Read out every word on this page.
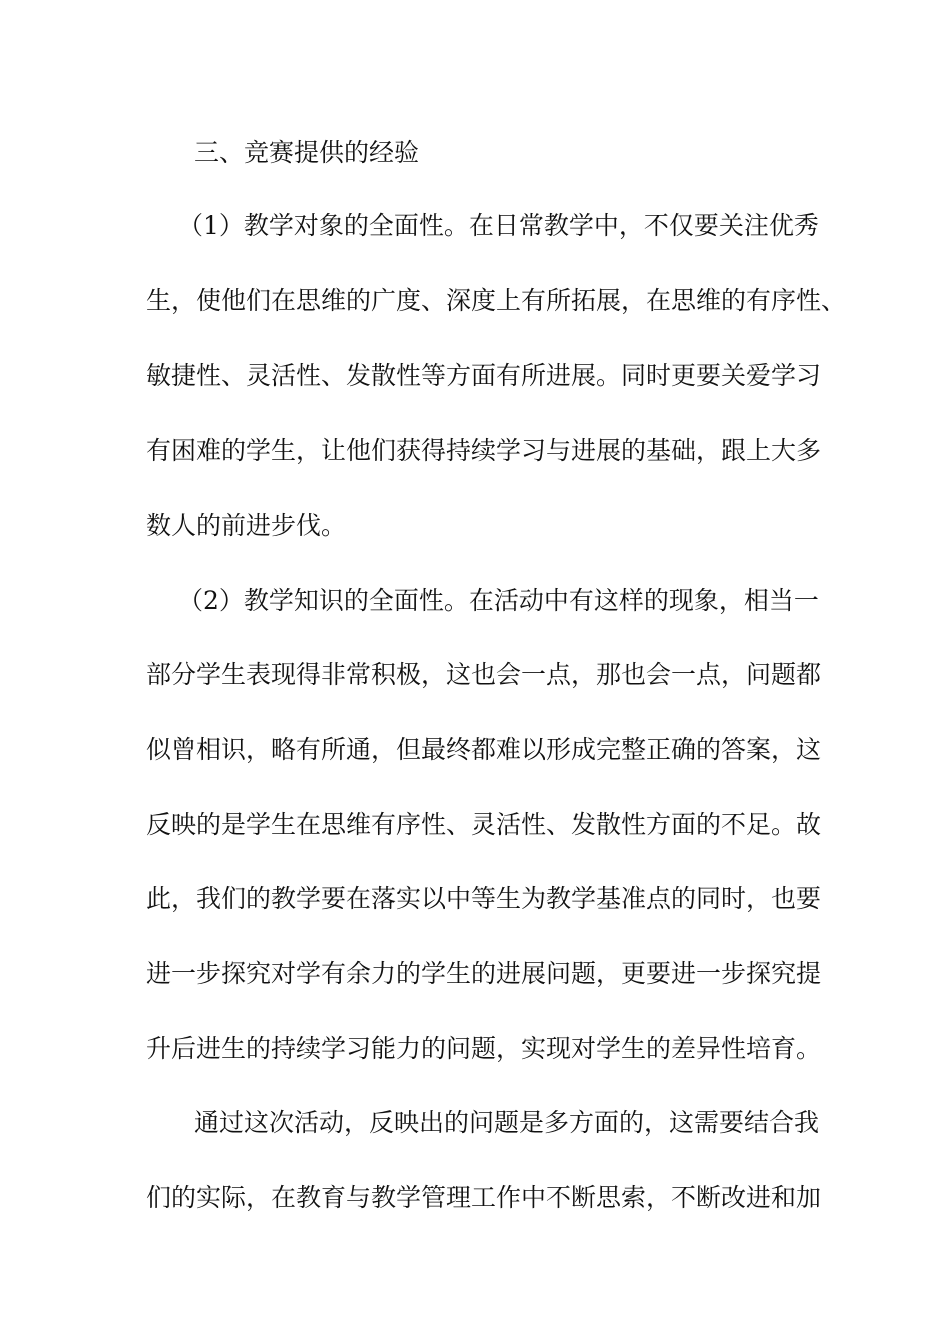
三、竞赛提供的经验
（1）教学对象的全面性。在日常教学中，不仅要关注优秀
生，使他们在思维的广度、深度上有所拓展，在思维的有序性、
敏捷性、灵活性、发散性等方面有所进展。同时更要关爱学习
有困难的学生，让他们获得持续学习与进展的基础，跟上大多
数人的前进步伐。
（2）教学知识的全面性。在活动中有这样的现象，相当一
部分学生表现得非常积极，这也会一点，那也会一点，问题都
似曾相识，略有所通，但最终都难以形成完整正确的答案，这
反映的是学生在思维有序性、灵活性、发散性方面的不足。故
此，我们的教学要在落实以中等生为教学基准点的同时，也要
进一步探究对学有余力的学生的进展问题，更要进一步探究提
升后进生的持续学习能力的问题，实现对学生的差异性培育。
通过这次活动，反映出的问题是多方面的，这需要结合我
们的实际，在教育与教学管理工作中不断思索，不断改进和加
